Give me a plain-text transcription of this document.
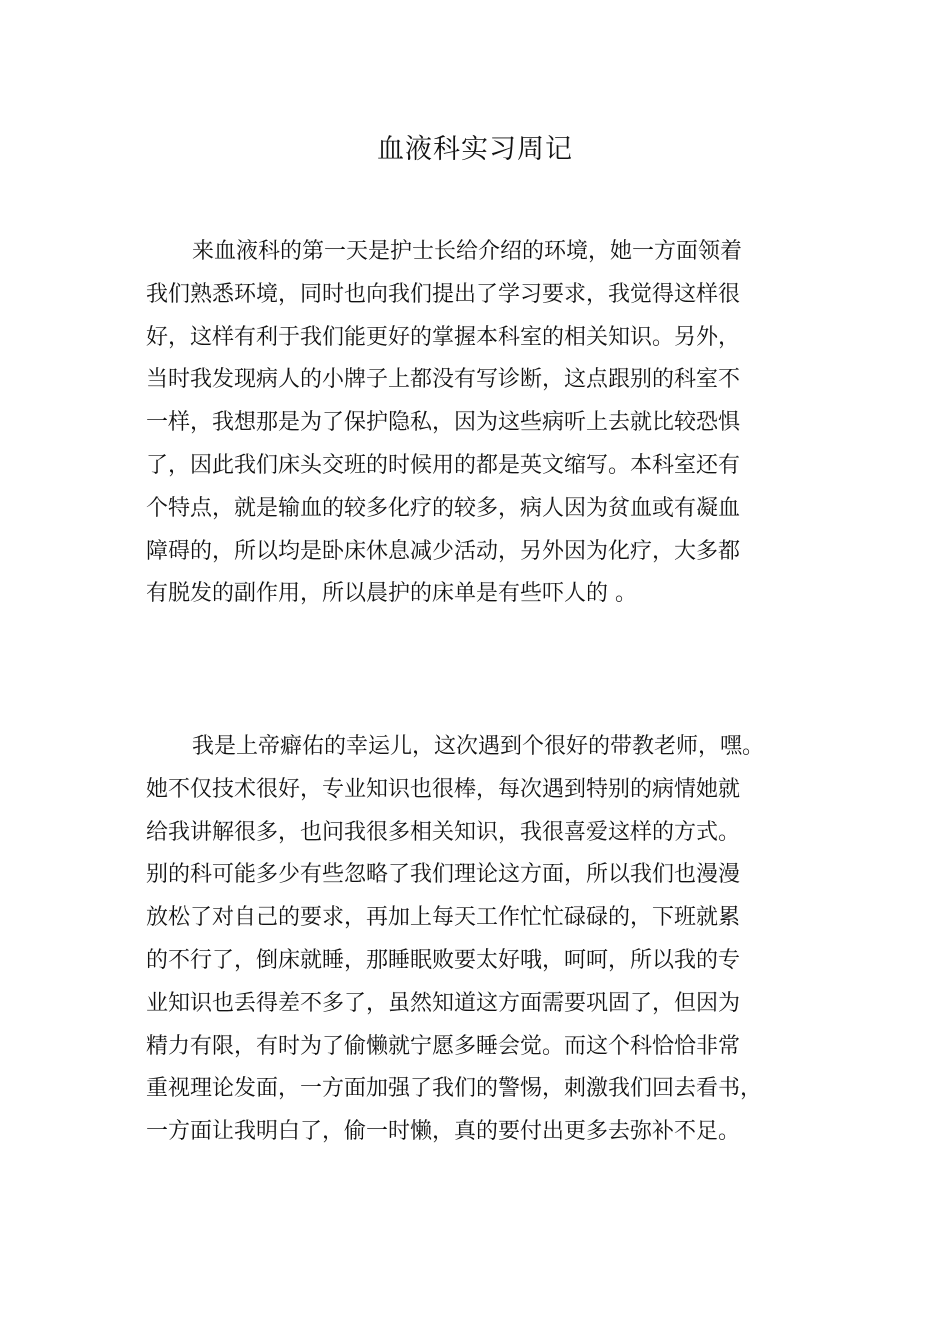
血液科实习周记
来血液科的第一天是护士长给介绍的环境，她一方面领着
我们熟悉环境，同时也向我们提出了学习要求，我觉得这样很
好，这样有利于我们能更好的掌握本科室的相关知识。另外，
当时我发现病人的小牌子上都没有写诊断，这点跟别的科室不
一样，我想那是为了保护隐私，因为这些病听上去就比较恐惧
了，因此我们床头交班的时候用的都是英文缩写。本科室还有
个特点，就是输血的较多化疗的较多，病人因为贫血或有凝血
障碍的，所以均是卧床休息减少活动，另外因为化疗，大多都
有脱发的副作用，所以晨护的床单是有些吓人的 。
我是上帝癖佑的幸运儿，这次遇到个很好的带教老师，嘿。
她不仅技术很好，专业知识也很棒，每次遇到特别的病情她就
给我讲解很多，也问我很多相关知识，我很喜爱这样的方式。
别的科可能多少有些忽略了我们理论这方面，所以我们也漫漫
放松了对自己的要求，再加上每天工作忙忙碌碌的，下班就累
的不行了，倒床就睡，那睡眠败要太好哦，呵呵，所以我的专
业知识也丢得差不多了，虽然知道这方面需要巩固了，但因为
精力有限，有时为了偷懒就宁愿多睡会觉。而这个科恰恰非常
重视理论发面，一方面加强了我们的警惕，刺激我们回去看书，
一方面让我明白了，偷一时懒，真的要付出更多去弥补不足。
